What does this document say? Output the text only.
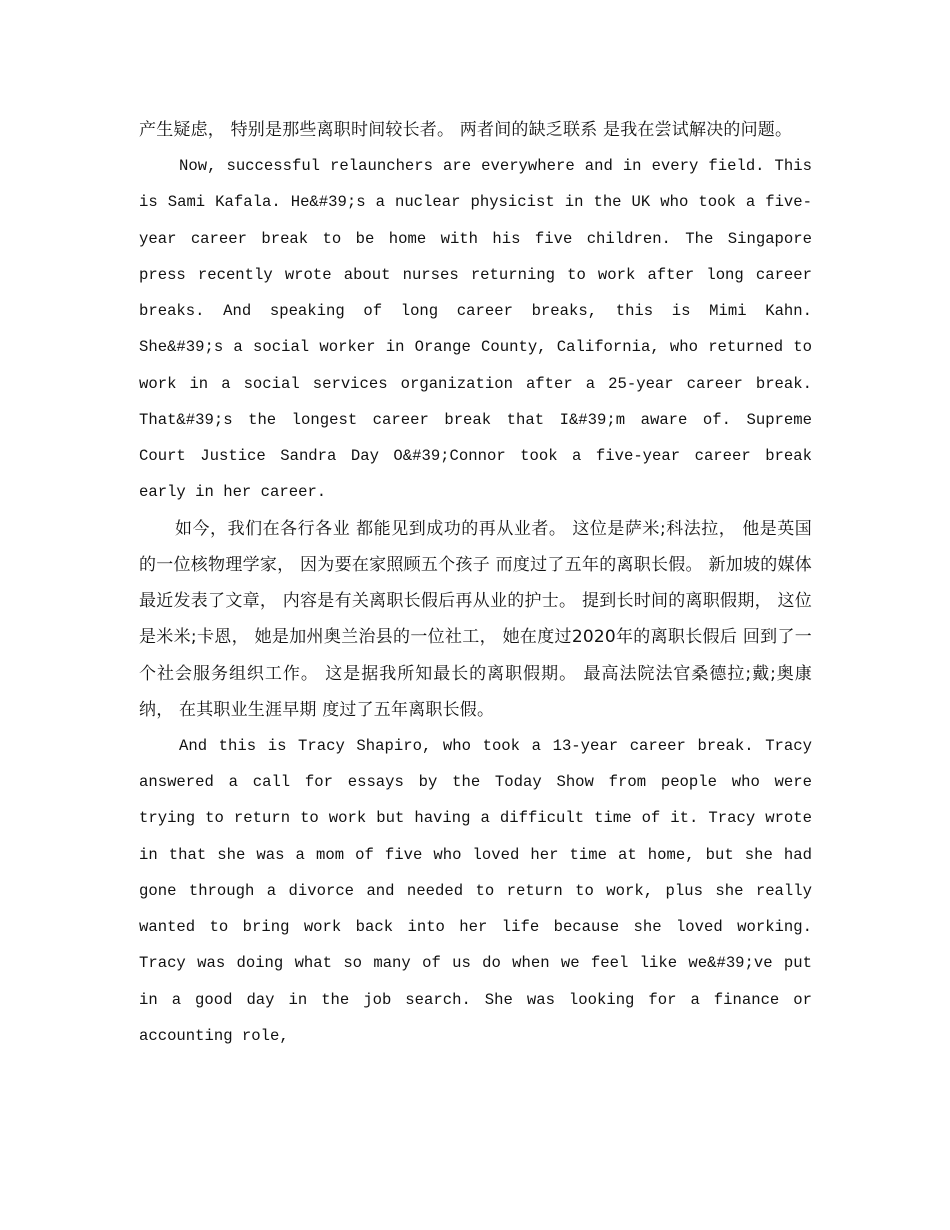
产生疑虑， 特别是那些离职时间较长者。 两者间的缺乏联系 是我在尝试解决的问题。

Now, successful relaunchers are everywhere and in every field. This is Sami Kafala. He&#39;s a nuclear physicist in the UK who took a five-year career break to be home with his five children. The Singapore press recently wrote about nurses returning to work after long career breaks. And speaking of long career breaks, this is Mimi Kahn. She&#39;s a social worker in Orange County, California, who returned to work in a social services organization after a 25-year career break. That&#39;s the longest career break that I&#39;m aware of. Supreme Court Justice Sandra Day O&#39;Connor took a five-year career break early in her career.

如今，我们在各行各业 都能见到成功的再从业者。 这位是萨米;科法拉， 他是英国的一位核物理学家， 因为要在家照顾五个孩子 而度过了五年的离职长假。 新加坡的媒体最近发表了文章， 内容是有关离职长假后再从业的护士。 提到长时间的离职假期， 这位是米米;卡恩， 她是加州奥兰治县的一位社工， 她在度过2020年的离职长假后 回到了一个社会服务组织工作。 这是据我所知最长的离职假期。 最高法院法官桑德拉;戴;奥康纳， 在其职业生涯早期 度过了五年离职长假。

And this is Tracy Shapiro, who took a 13-year career break. Tracy answered a call for essays by the Today Show from people who were trying to return to work but having a difficult time of it. Tracy wrote in that she was a mom of five who loved her time at home, but she had gone through a divorce and needed to return to work, plus she really wanted to bring work back into her life because she loved working. Tracy was doing what so many of us do when we feel like we&#39;ve put in a good day in the job search. She was looking for a finance or accounting role,
